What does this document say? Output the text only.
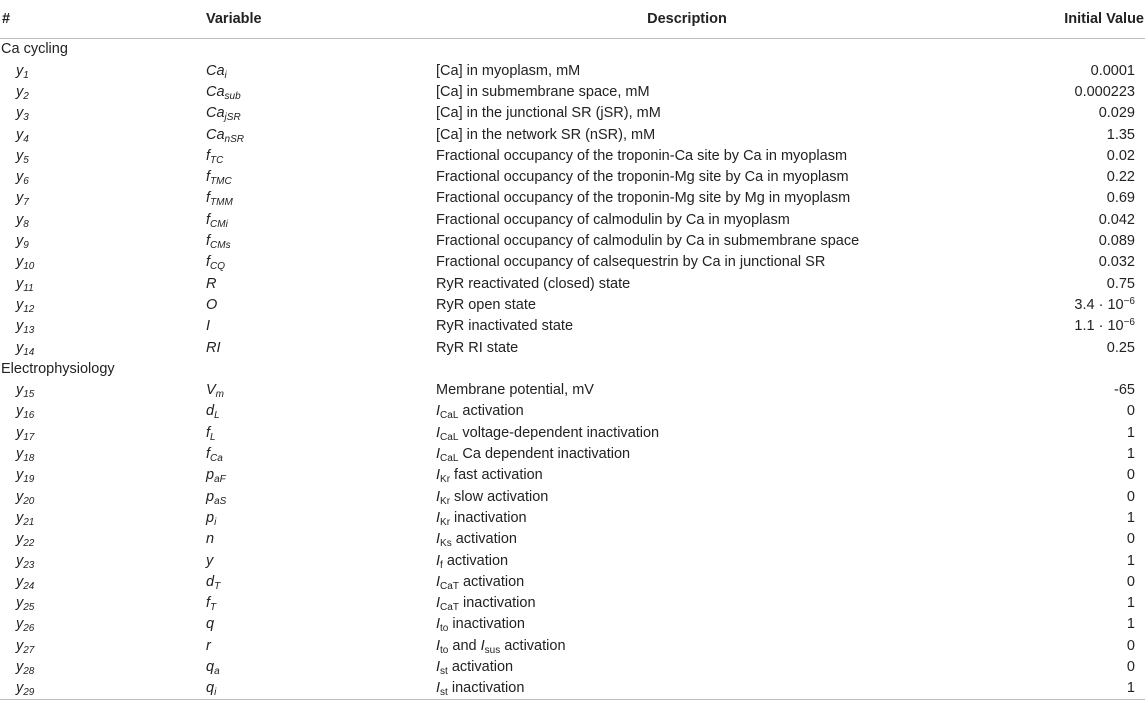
#	Variable	Description	Initial Value
Ca cycling			
$y_1$	$Ca_i$	[Ca] in myoplasm, mM	0.0001
$y_2$	$Ca_{sub}$	[Ca] in submembrane space, mM	0.000223
$y_3$	$Ca_{jSR}$	[Ca] in the junctional SR (jSR), mM	0.029
$y_4$	$Ca_{nSR}$	[Ca] in the network SR (nSR), mM	1.35
$y_5$	$f_{TC}$	Fractional occupancy of the troponin-Ca site by Ca in myoplasm	0.02
$y_6$	$f_{TMC}$	Fractional occupancy of the troponin-Mg site by Ca in myoplasm	0.22
$y_7$	$f_{TMM}$	Fractional occupancy of the troponin-Mg site by Mg in myoplasm	0.69
$y_8$	$f_{CMi}$	Fractional occupancy of calmodulin by Ca in myoplasm	0.042
$y_9$	$f_{CMs}$	Fractional occupancy of calmodulin by Ca in submembrane space	0.089
$y_{10}$	$f_{CQ}$	Fractional occupancy of calsequestrin by Ca in junctional SR	0.032
$y_{11}$	R	RyR reactivated (closed) state	0.75
$y_{12}$	O	RyR open state	$3.4 \cdot 10^{-6}$
$y_{13}$	I	RyR inactivated state	$1.1 \cdot 10^{-6}$
$y_{14}$	RI	RyR RI state	0.25
Electrophysiology			
$y_{15}$	$V_m$	Membrane potential, mV	-65
$y_{16}$	$d_L$	$I_{CaL}$ activation	0
$y_{17}$	$f_L$	$I_{CaL}$ voltage-dependent inactivation	1
$y_{18}$	$f_{Ca}$	$I_{CaL}$ Ca dependent inactivation	1
$y_{19}$	$p_{aF}$	$I_{Kr}$ fast activation	0
$y_{20}$	$p_{aS}$	$I_{Kr}$ slow activation	0
$y_{21}$	$p_i$	$I_{Kr}$ inactivation	1
$y_{22}$	n	$I_{Ks}$ activation	0
$y_{23}$	y	$I_f$ activation	1
$y_{24}$	$d_T$	$I_{CaT}$ activation	0
$y_{25}$	$f_T$	$I_{CaT}$ inactivation	1
$y_{26}$	q	$I_{to}$ inactivation	1
$y_{27}$	r	$I_{to}$ and $I_{sus}$ activation	0
$y_{28}$	$q_a$	$I_{st}$ activation	0
$y_{29}$	$q_i$	$I_{st}$ inactivation	1
